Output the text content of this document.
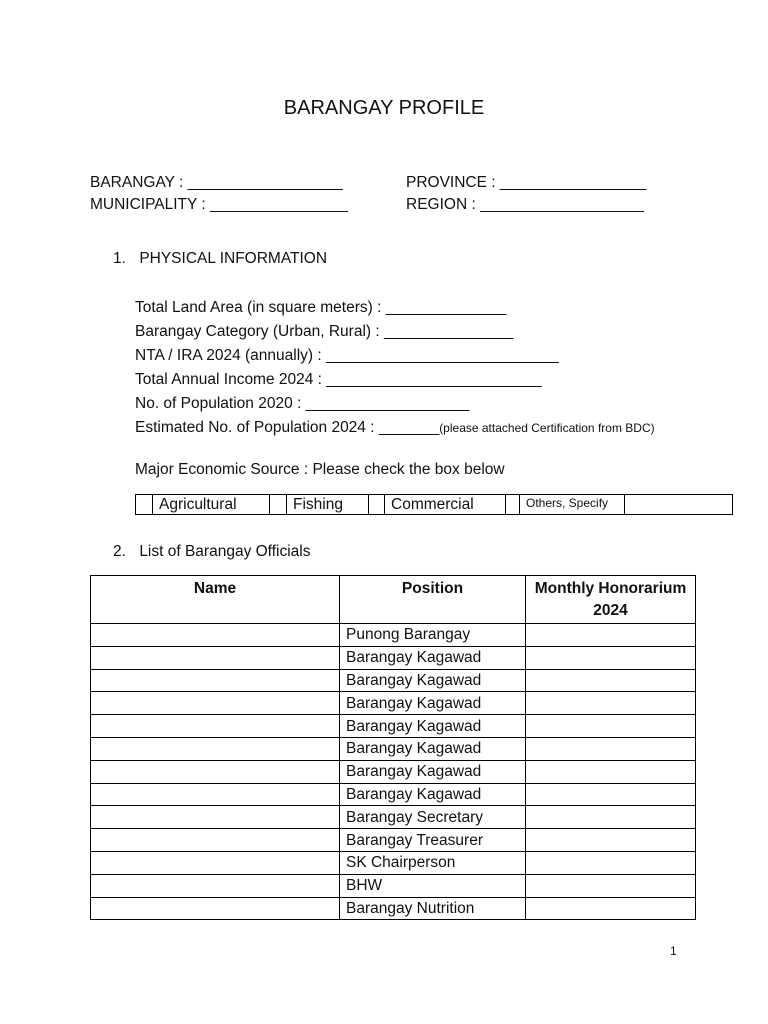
BARANGAY PROFILE
BARANGAY : __________________
MUNICIPALITY : ________________
PROVINCE : _________________
REGION : ___________________
1. PHYSICAL INFORMATION
Total Land Area (in square meters) : ______________
Barangay Category (Urban, Rural) : _______________
NTA / IRA 2024 (annually) : ___________________________
Total Annual Income 2024 : _________________________
No. of Population 2020 : ___________________
Estimated No. of Population 2024 : _______(please attached Certification from BDC)
Major Economic Source : Please check the box below
Agricultural	Fishing	Commercial	Others, Specify
2. List of Barangay Officials
Name	Position	Monthly Honorarium 2024
	Punong Barangay	
	Barangay Kagawad	
	Barangay Kagawad	
	Barangay Kagawad	
	Barangay Kagawad	
	Barangay Kagawad	
	Barangay Kagawad	
	Barangay Kagawad	
	Barangay Secretary	
	Barangay Treasurer	
	SK Chairperson	
	BHW	
	Barangay Nutrition	
1
